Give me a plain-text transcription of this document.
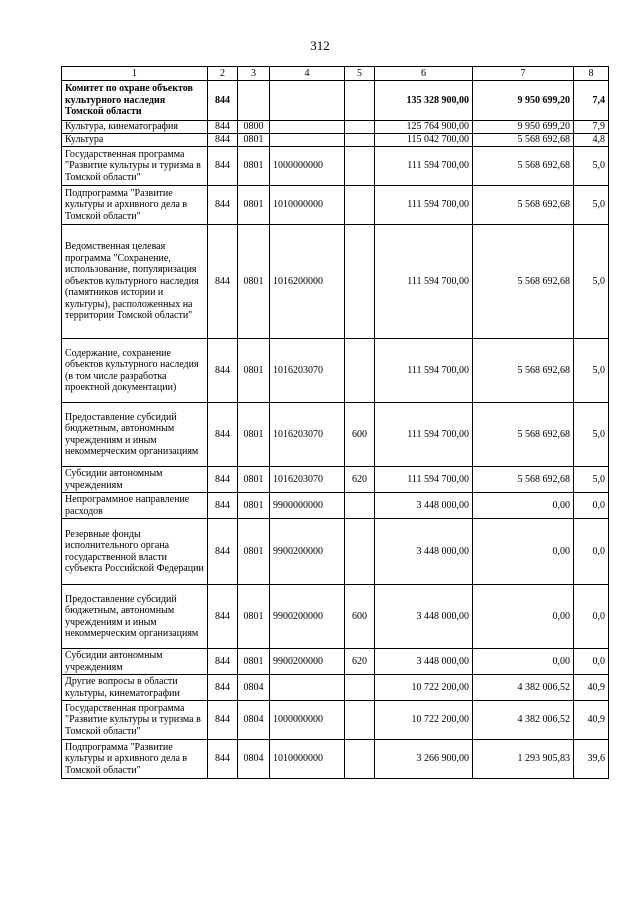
312
1	2	3	4	5	6	7	8
Комитет по охране объектов культурного наследия Томской области	844				135 328 900,00	9 950 699,20	7,4
Культура, кинематография	844	0800			125 764 900,00	9 950 699,20	7,9
Культура	844	0801			115 042 700,00	5 568 692,68	4,8
Государственная программа "Развитие культуры и туризма в Томской области"	844	0801	1000000000		111 594 700,00	5 568 692,68	5,0
Подпрограмма "Развитие культуры и архивного дела в Томской области"	844	0801	1010000000		111 594 700,00	5 568 692,68	5,0
Ведомственная целевая программа "Сохранение, использование, популяризация объектов культурного наследия (памятников истории и культуры), расположенных на территории Томской области"	844	0801	1016200000		111 594 700,00	5 568 692,68	5,0
Содержание, сохранение объектов культурного наследия (в том числе разработка проектной документации)	844	0801	1016203070		111 594 700,00	5 568 692,68	5,0
Предоставление субсидий бюджетным, автономным учреждениям и иным некоммерческим организациям	844	0801	1016203070	600	111 594 700,00	5 568 692,68	5,0
Субсидии автономным учреждениям	844	0801	1016203070	620	111 594 700,00	5 568 692,68	5,0
Непрограммное направление расходов	844	0801	9900000000		3 448 000,00	0,00	0,0
Резервные фонды исполнительного органа государственной власти субъекта Российской Федерации	844	0801	9900200000		3 448 000,00	0,00	0,0
Предоставление субсидий бюджетным, автономным учреждениям и иным некоммерческим организациям	844	0801	9900200000	600	3 448 000,00	0,00	0,0
Субсидии автономным учреждениям	844	0801	9900200000	620	3 448 000,00	0,00	0,0
Другие вопросы в области культуры, кинематографии	844	0804			10 722 200,00	4 382 006,52	40,9
Государственная программа "Развитие культуры и туризма в Томской области"	844	0804	1000000000		10 722 200,00	4 382 006,52	40,9
Подпрограмма "Развитие культуры и архивного дела в Томской области"	844	0804	1010000000		3 266 900,00	1 293 905,83	39,6
